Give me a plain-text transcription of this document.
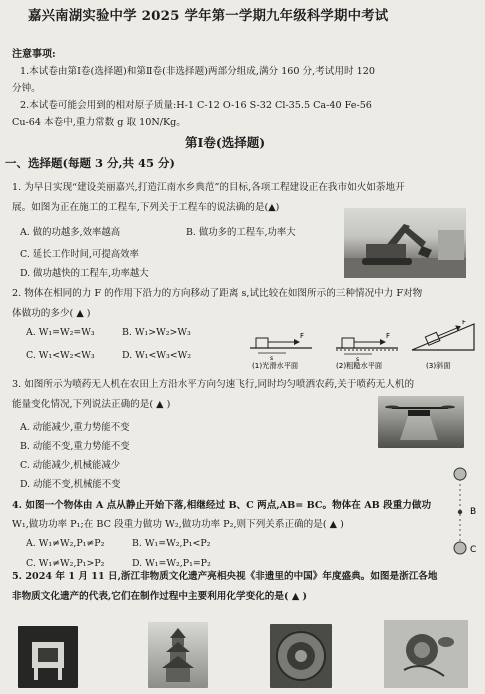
嘉兴南湖实验中学 2025 学年第一学期九年级科学期中考试
注意事项:
1.本试卷由第Ⅰ卷(选择题)和第Ⅱ卷(非选择题)两部分组成,满分 160 分,考试用时 120
分钟。
2.本试卷可能会用到的相对原子质量:H-1 C-12 O-16 S-32 Cl-35.5 Ca-40 Fe-56
Cu-64 本卷中,重力常数 g 取 10N/Kg。
第Ⅰ卷(选择题)
一、选择题(每题 3 分,共 45 分)
1. 为早日实现“建设美丽嘉兴,打造江南水乡典范”的目标,各项工程建设正在我市如火如荼地开
展。如图为正在施工的工程车,下列关于工程车的说法确的是(▲)
A. 做的功越多,效率越高	B. 做功多的工程车,功率大
C. 延长工作时间,可提高效率
D. 做功越快的工程车,功率越大
2. 物体在相同的力 F 的作用下沿力的方向移动了距离 s,试比较在如图所示的三种情况中力 F对物
体做功的多少( ▲ )
A. W₁=W₂=W₃	B. W₁>W₂>W₃
C. W₁<W₂<W₃	D. W₁<W₃<W₂
F
s
(1)光滑水平面
F
s
(2)粗糙水平面
F
(3)斜面
3. 如图所示为喷药无人机在农田上方沿水平方向匀速飞行,同时均匀喷洒农药,关于喷药无人机的
能量变化情况,下列说法正确的是( ▲ )
A. 动能减少,重力势能不变
B. 动能不变,重力势能不变
C. 动能减少,机械能减少
D. 动能不变,机械能不变
4. 如图一个物体由 A 点从静止开始下落,相继经过 B、C 两点,AB= BC。物体在 AB 段重力做功
W₁,做功功率 P₁;在 BC 段重力做功 W₂,做功功率 P₂,则下列关系正确的是( ▲ )
A. W₁≠W₂,P₁≠P₂	B. W₁=W₂,P₁<P₂
C. W₁≠W₂,P₁>P₂	D. W₁=W₂,P₁=P₂
B
C
5. 2024 年 1 月 11 日,浙江非物质文化遗产亮相央视《非遗里的中国》年度盛典。如图是浙江各地
非物质文化遗产的代表,它们在制作过程中主要利用化学变化的是( ▲ )
